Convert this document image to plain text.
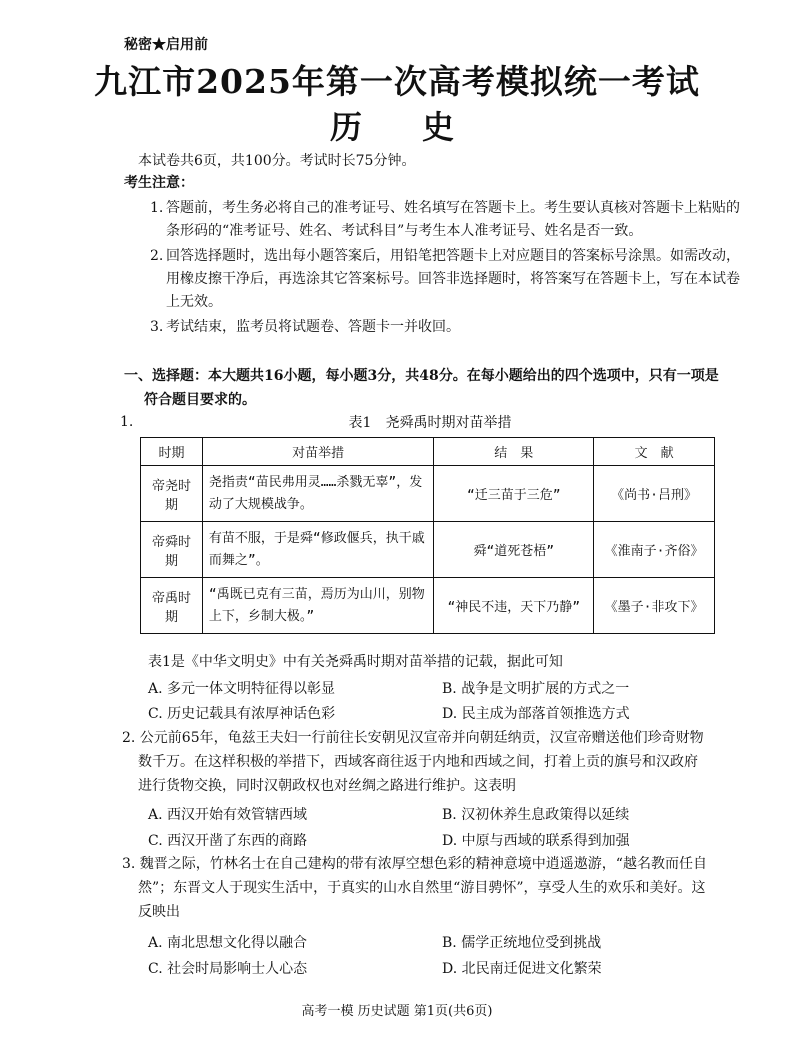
秘密★启用前
九江市2025年第一次高考模拟统一考试
历史
本试卷共6页，共100分。考试时长75分钟。
考生注意：
1. 答题前，考生务必将自己的准考证号、姓名填写在答题卡上。考生要认真核对答题卡上粘贴的条形码的“准考证号、姓名、考试科目”与考生本人准考证号、姓名是否一致。
2. 回答选择题时，选出每小题答案后，用铅笔把答题卡上对应题目的答案标号涂黑。如需改动，用橡皮擦干净后，再选涂其它答案标号。回答非选择题时，将答案写在答题卡上，写在本试卷上无效。
3. 考试结束，监考员将试题卷、答题卡一并收回。
一、选择题：本大题共16小题，每小题3分，共48分。在每小题给出的四个选项中，只有一项是
符合题目要求的。
1.	表1　尧舜禹时期对苗举措
时期	对苗举措	结　果	文　献
帝尧时期	尧指责“苗民弗用灵……杀戮无辜”，发动了大规模战争。	“迁三苗于三危”	《尚书·吕刑》
帝舜时期	有苗不服，于是舜“修政偃兵，执干戚而舞之”。	舜“道死苍梧”	《淮南子·齐俗》
帝禹时期	“禹既已克有三苗，焉历为山川，别物上下，乡制大极。”	“神民不违，天下乃静”	《墨子·非攻下》
表1是《中华文明史》中有关尧舜禹时期对苗举措的记载，据此可知
A. 多元一体文明特征得以彰显	B. 战争是文明扩展的方式之一
C. 历史记载具有浓厚神话色彩	D. 民主成为部落首领推选方式
2. 公元前65年，龟兹王夫妇一行前往长安朝见汉宣帝并向朝廷纳贡，汉宣帝赠送他们珍奇财物
数千万。在这样积极的举措下，西域客商往返于内地和西域之间，打着上贡的旗号和汉政府
进行货物交换，同时汉朝政权也对丝绸之路进行维护。这表明
A. 西汉开始有效管辖西域	B. 汉初休养生息政策得以延续
C. 西汉开凿了东西的商路	D. 中原与西域的联系得到加强
3. 魏晋之际，竹林名士在自己建构的带有浓厚空想色彩的精神意境中逍遥遨游，“越名教而任自
然”；东晋文人于现实生活中，于真实的山水自然里“游目骋怀”，享受人生的欢乐和美好。这
反映出
A. 南北思想文化得以融合	B. 儒学正统地位受到挑战
C. 社会时局影响士人心态	D. 北民南迁促进文化繁荣
高考一模 历史试题 第1页(共6页)
